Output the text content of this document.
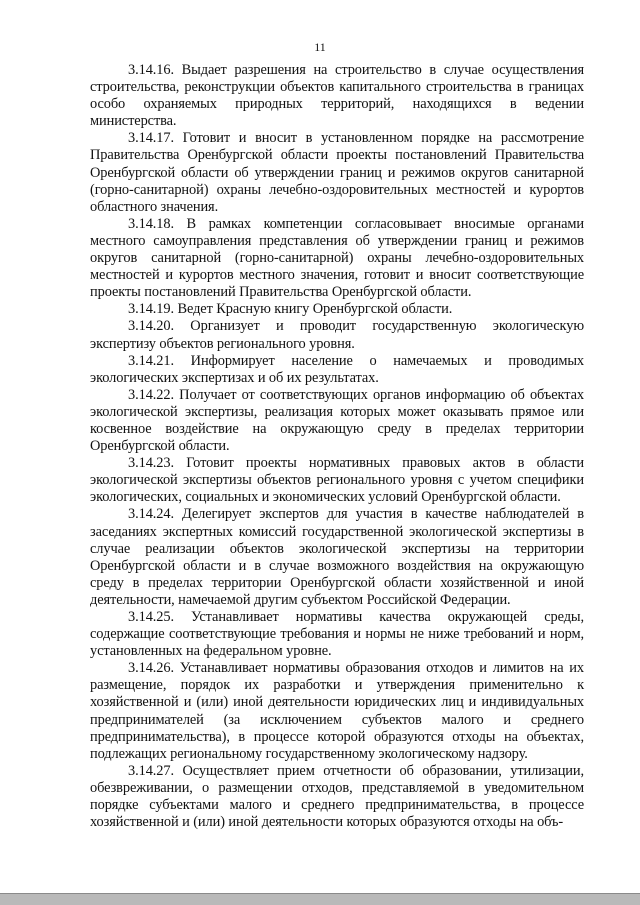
11

3.14.16. Выдает разрешения на строительство в случае осуществления строительства, реконструкции объектов капитального строительства в границах особо охраняемых природных территорий, находящихся в ведении министерства.

3.14.17. Готовит и вносит в установленном порядке на рассмотрение Правительства Оренбургской области проекты постановлений Правительства Оренбургской области об утверждении границ и режимов округов санитарной (горно-санитарной) охраны лечебно-оздоровительных местностей и курортов областного значения.

3.14.18. В рамках компетенции согласовывает вносимые органами местного самоуправления представления об утверждении границ и режимов округов санитарной (горно-санитарной) охраны лечебно-оздоровительных местностей и курортов местного значения, готовит и вносит соответствующие проекты постановлений Правительства Оренбургской области.

3.14.19. Ведет Красную книгу Оренбургской области.

3.14.20. Организует и проводит государственную экологическую экспертизу объектов регионального уровня.

3.14.21. Информирует население о намечаемых и проводимых экологических экспертизах и об их результатах.

3.14.22. Получает от соответствующих органов информацию об объектах экологической экспертизы, реализация которых может оказывать прямое или косвенное воздействие на окружающую среду в пределах территории Оренбургской области.

3.14.23. Готовит проекты нормативных правовых актов в области экологической экспертизы объектов регионального уровня с учетом специфики экологических, социальных и экономических условий Оренбургской области.

3.14.24. Делегирует экспертов для участия в качестве наблюдателей в заседаниях экспертных комиссий государственной экологической экспертизы в случае реализации объектов экологической экспертизы на территории Оренбургской области и в случае возможного воздействия на окружающую среду в пределах территории Оренбургской области хозяйственной и иной деятельности, намечаемой другим субъектом Российской Федерации.

3.14.25. Устанавливает нормативы качества окружающей среды, содержащие соответствующие требования и нормы не ниже требований и норм, установленных на федеральном уровне.

3.14.26. Устанавливает нормативы образования отходов и лимитов на их размещение, порядок их разработки и утверждения применительно к хозяйственной и (или) иной деятельности юридических лиц и индивидуальных предпринимателей (за исключением субъектов малого и среднего предпринимательства), в процессе которой образуются отходы на объектах, подлежащих региональному государственному экологическому надзору.

3.14.27. Осуществляет прием отчетности об образовании, утилизации, обезвреживании, о размещении отходов, представляемой в уведомительном порядке субъектами малого и среднего предпринимательства, в процессе хозяйственной и (или) иной деятельности которых образуются отходы на объ-
